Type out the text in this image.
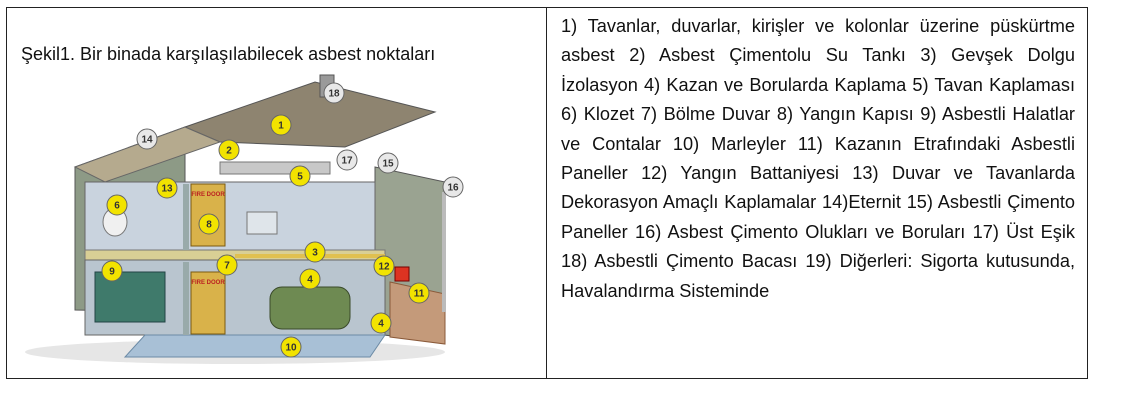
Şekil1. Bir binada karşılaşılabilecek asbest noktaları
FIRE DOOR
FIRE DOOR
1
2
3
4
4
5
6
7
8
9
10
11
12
13
14
15
16
17
18

1) Tavanlar, duvarlar, kirişler ve kolonlar üzerine püskürtme asbest 2) Asbest Çimentolu Su Tankı 3) Gevşek Dolgu İzolasyon 4) Kazan ve Borularda Kaplama 5) Tavan Kaplaması 6) Klozet 7) Bölme Duvar 8) Yangın Kapısı 9) Asbestli Halatlar ve Contalar 10) Marleyler 11) Kazanın Etrafındaki Asbestli Paneller 12) Yangın Battaniyesi 13) Duvar ve Tavanlarda Dekorasyon Amaçlı Kaplamalar 14)Eternit 15) Asbestli Çimento Paneller 16) Asbest Çimento Olukları ve Boruları 17) Üst Eşik 18) Asbestli Çimento Bacası 19) Diğerleri: Sigorta kutusunda, Havalandırma Sisteminde
